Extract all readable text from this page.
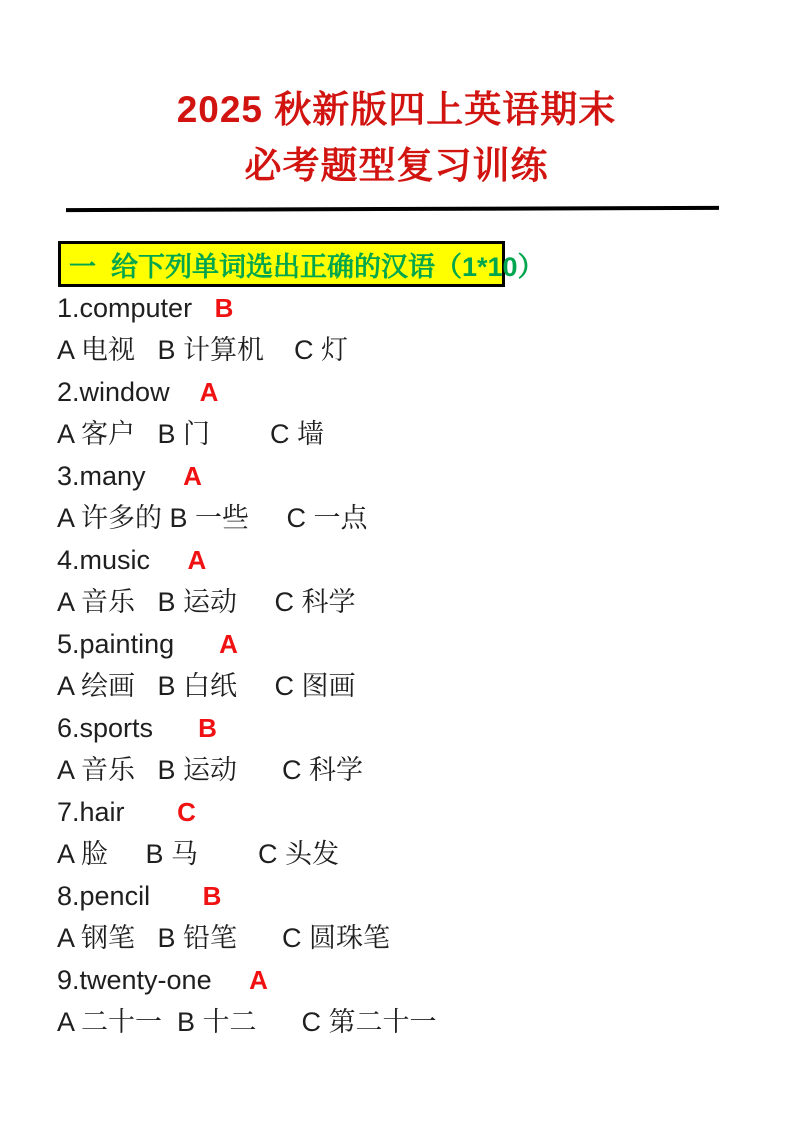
2025 秋新版四上英语期末
必考题型复习训练
一  给下列单词选出正确的汉语（1*10）
1.computer   B
A 电视   B 计算机    C 灯
2.window    A
A 客户   B 门        C 墙
3.many     A
A 许多的 B 一些     C 一点
4.music     A
A 音乐   B 运动     C 科学
5.painting      A
A 绘画   B 白纸     C 图画
6.sports      B
A 音乐   B 运动      C 科学
7.hair       C
A 脸     B 马        C 头发
8.pencil       B
A 钢笔   B 铅笔      C 圆珠笔
9.twenty-one     A
A 二十一  B 十二      C 第二十一
